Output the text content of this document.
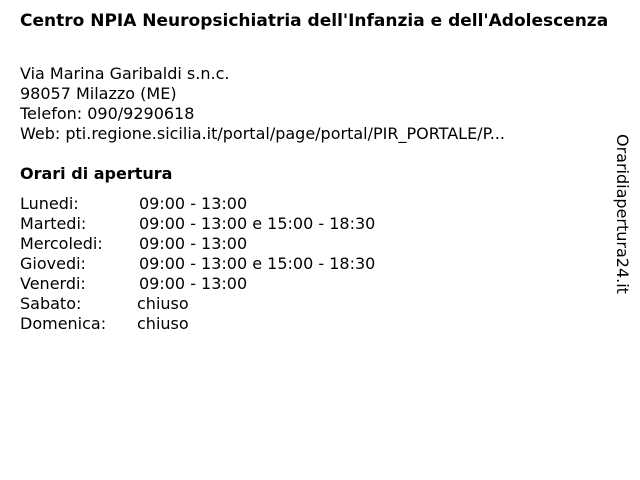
Centro NPIA Neuropsichiatria dell'Infanzia e dell'Adolescenza
Via Marina Garibaldi s.n.c.
98057 Milazzo (ME)
Telefon: 090/9290618
Web: pti.regione.sicilia.it/portal/page/portal/PIR_PORTALE/P...
Orari di apertura
Lunedi:	09:00 - 13:00
Martedi:	09:00 - 13:00 e 15:00 - 18:30
Mercoledi: 09:00 - 13:00
Giovedi:	09:00 - 13:00 e 15:00 - 18:30
Venerdi:	09:00 - 13:00
Sabato:	chiuso
Domenica: chiuso
Oraridiapertura24.it
